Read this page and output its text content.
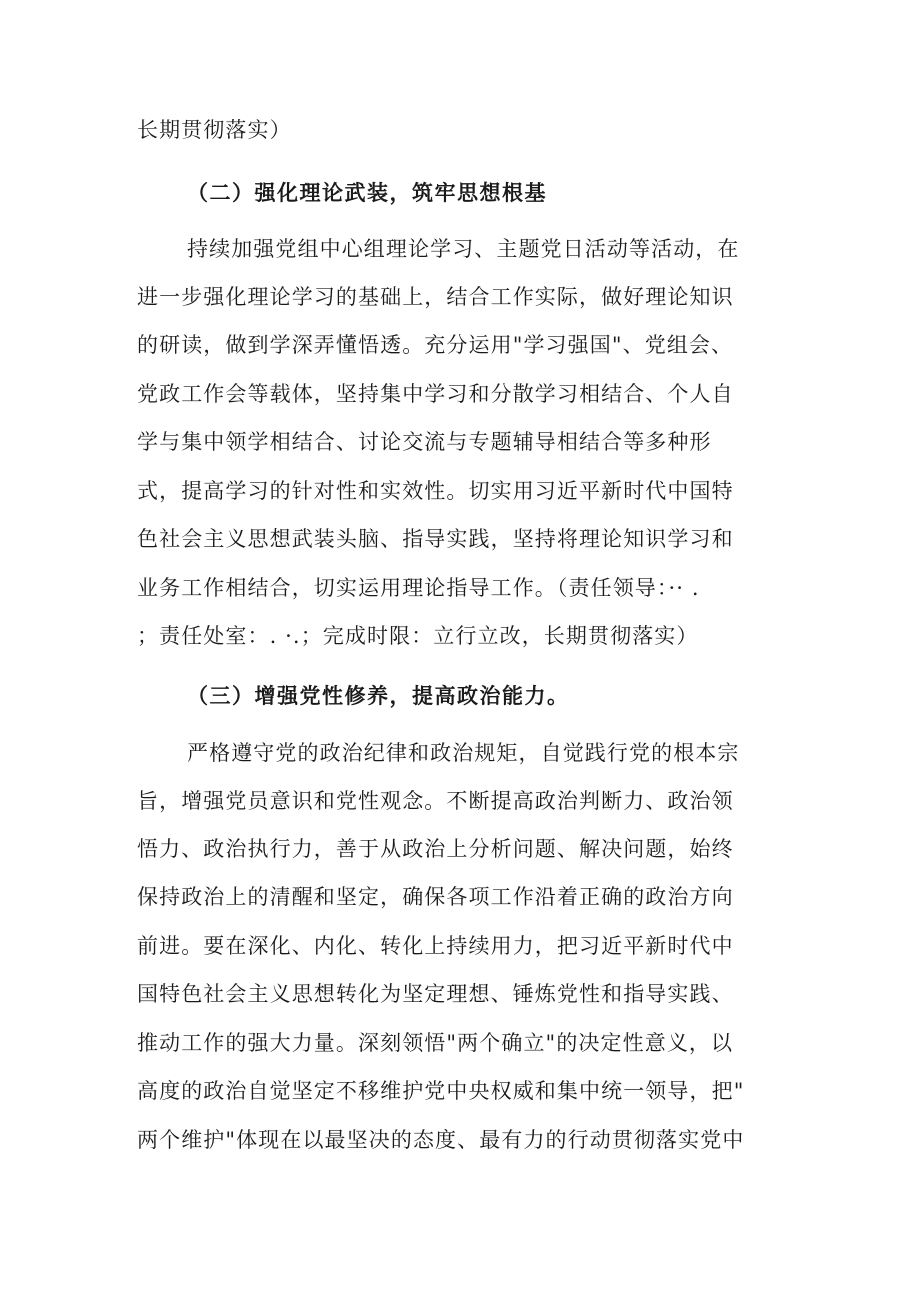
长期贯彻落实）
（二）强化理论武装，筑牢思想根基
持续加强党组中心组理论学习、主题党日活动等活动，在
进一步强化理论学习的基础上，结合工作实际，做好理论知识
的研读，做到学深弄懂悟透。充分运用"学习强国"、党组会、
党政工作会等载体，坚持集中学习和分散学习相结合、个人自
学与集中领学相结合、讨论交流与专题辅导相结合等多种形
式，提高学习的针对性和实效性。切实用习近平新时代中国特
色社会主义思想武装头脑、指导实践，坚持将理论知识学习和
业务工作相结合，切实运用理论指导工作。（责任领导：·· .
；责任处室：. ·.；完成时限：立行立改，长期贯彻落实）
（三）增强党性修养，提高政治能力。
严格遵守党的政治纪律和政治规矩，自觉践行党的根本宗
旨，增强党员意识和党性观念。不断提高政治判断力、政治领
悟力、政治执行力，善于从政治上分析问题、解决问题，始终
保持政治上的清醒和坚定，确保各项工作沿着正确的政治方向
前进。要在深化、内化、转化上持续用力，把习近平新时代中
国特色社会主义思想转化为坚定理想、锤炼党性和指导实践、
推动工作的强大力量。深刻领悟"两个确立"的决定性意义，以
高度的政治自觉坚定不移维护党中央权威和集中统一领导，把"
两个维护"体现在以最坚决的态度、最有力的行动贯彻落实党中
